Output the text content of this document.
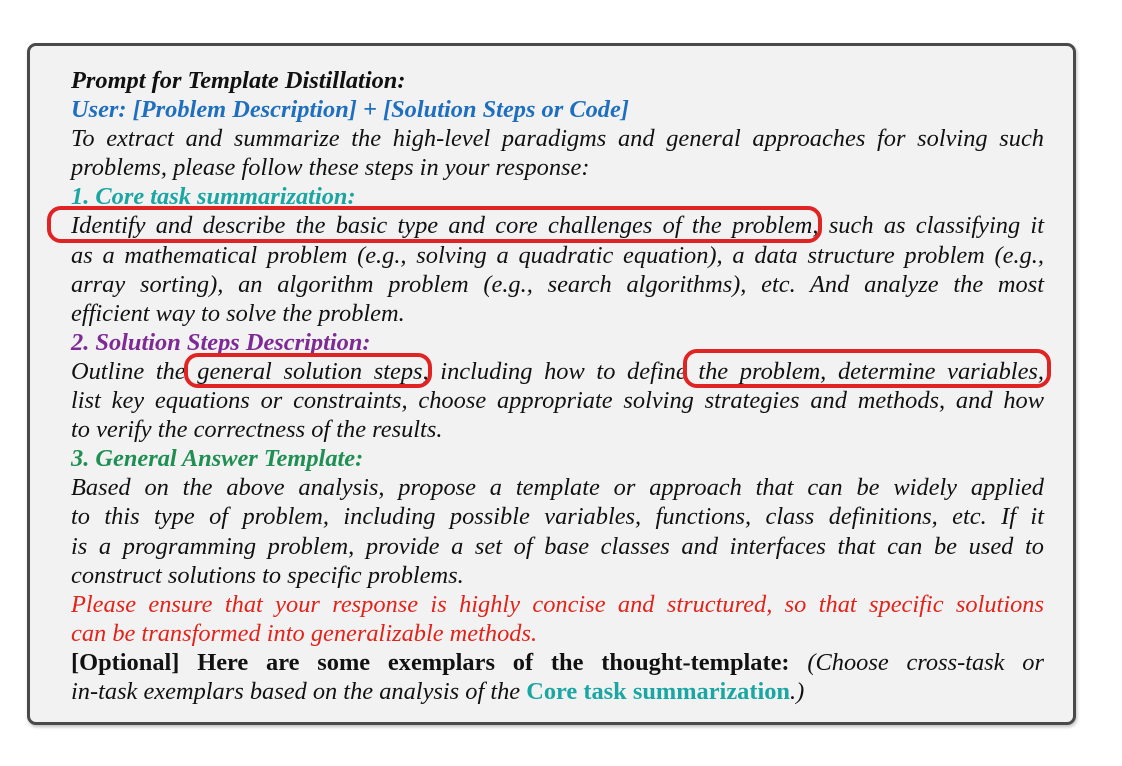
Prompt for Template Distillation:
User: [Problem Description] + [Solution Steps or Code]
To extract and summarize the high-level paradigms and general approaches for solving such
problems, please follow these steps in your response:
1. Core task summarization:
Identify and describe the basic type and core challenges of the problem, such as classifying it
as a mathematical problem (e.g., solving a quadratic equation), a data structure problem (e.g.,
array sorting), an algorithm problem (e.g., search algorithms), etc. And analyze the most
efficient way to solve the problem.
2. Solution Steps Description:
Outline the general solution steps, including how to define the problem, determine variables,
list key equations or constraints, choose appropriate solving strategies and methods, and how
to verify the correctness of the results.
3. General Answer Template:
Based on the above analysis, propose a template or approach that can be widely applied
to this type of problem, including possible variables, functions, class definitions, etc. If it
is a programming problem, provide a set of base classes and interfaces that can be used to
construct solutions to specific problems.
Please ensure that your response is highly concise and structured, so that specific solutions
can be transformed into generalizable methods.
[Optional] Here are some exemplars of the thought-template: (Choose cross-task or
in-task exemplars based on the analysis of the Core task summarization.)
